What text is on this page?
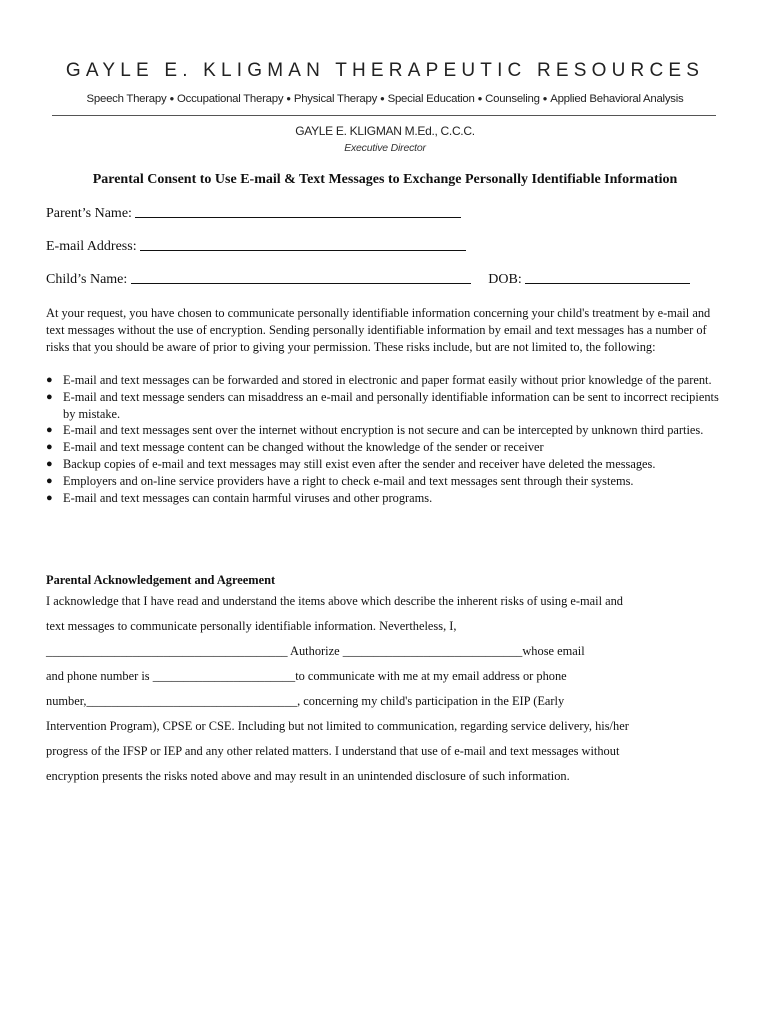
GAYLE E. KLIGMAN THERAPEUTIC RESOURCES
Speech Therapy ● Occupational Therapy ● Physical Therapy ● Special Education ● Counseling ● Applied Behavioral Analysis
GAYLE E. KLIGMAN M.Ed., C.C.C.
Executive Director
Parental Consent to Use E-mail & Text Messages to Exchange Personally Identifiable Information
Parent’s Name:
E-mail Address:
Child’s Name:	DOB:

At your request, you have chosen to communicate personally identifiable information concerning your child's treatment by e-mail and text messages without the use of encryption. Sending personally identifiable information by email and text messages has a number of risks that you should be aware of prior to giving your permission. These risks include, but are not limited to, the following:

● E-mail and text messages can be forwarded and stored in electronic and paper format easily without prior knowledge of the parent.
● E-mail and text message senders can misaddress an e-mail and personally identifiable information can be sent to incorrect recipients by mistake.
● E-mail and text messages sent over the internet without encryption is not secure and can be intercepted by unknown third parties.
● E-mail and text message content can be changed without the knowledge of the sender or receiver
● Backup copies of e-mail and text messages may still exist even after the sender and receiver have deleted the messages.
● Employers and on-line service providers have a right to check e-mail and text messages sent through their systems.
● E-mail and text messages can contain harmful viruses and other programs.
Parental Acknowledgement and Agreement
I acknowledge that I have read and understand the items above which describe the inherent risks of using e-mail and
text messages to communicate personally identifiable information. Nevertheless, I,
_______________________________________ Authorize _____________________________whose email
and phone number is _______________________to communicate with me at my email address or phone
number,__________________________________, concerning my child's participation in the EIP (Early
Intervention Program), CPSE or CSE. Including but not limited to communication, regarding service delivery, his/her
progress of the IFSP or IEP and any other related matters. I understand that use of e-mail and text messages without
encryption presents the risks noted above and may result in an unintended disclosure of such information.
